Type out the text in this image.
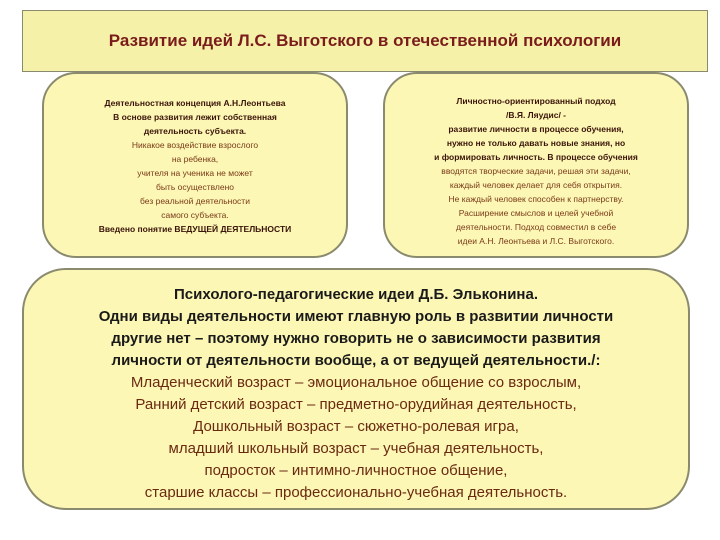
Развитие идей Л.С. Выготского в отечественной психологии
Деятельностная концепция А.Н.Леонтьева
В основе развития лежит собственная
деятельность субъекта.
Никакое воздействие взрослого
на ребенка,
учителя на ученика не может
быть осуществлено
без реальной деятельности
самого субъекта.
Введено понятие ВЕДУЩЕЙ ДЕЯТЕЛЬНОСТИ
Личностно-ориентированный подход
/В.Я. Ляудис/ -
развитие личности в процессе обучения,
нужно не только давать новые знания, но
и формировать личность. В процессе обучения
вводятся творческие задачи, решая эти задачи,
каждый человек делает для себя открытия.
Не каждый человек способен к партнерству.
Расширение смыслов и целей учебной
деятельности. Подход совместил в себе
идеи А.Н. Леонтьева и Л.С. Выготского.
Психолого-педагогические идеи Д.Б. Эльконина.
Одни виды деятельности имеют главную роль в развитии личности
другие нет – поэтому нужно говорить не о зависимости развития
личности от деятельности вообще, а от ведущей деятельности./:
Младенческий возраст – эмоциональное общение со взрослым,
Ранний детский возраст – предметно-орудийная деятельность,
Дошкольный возраст – сюжетно-ролевая игра,
младший школьный возраст – учебная деятельность,
подросток – интимно-личностное общение,
старшие классы – профессионально-учебная деятельность.
